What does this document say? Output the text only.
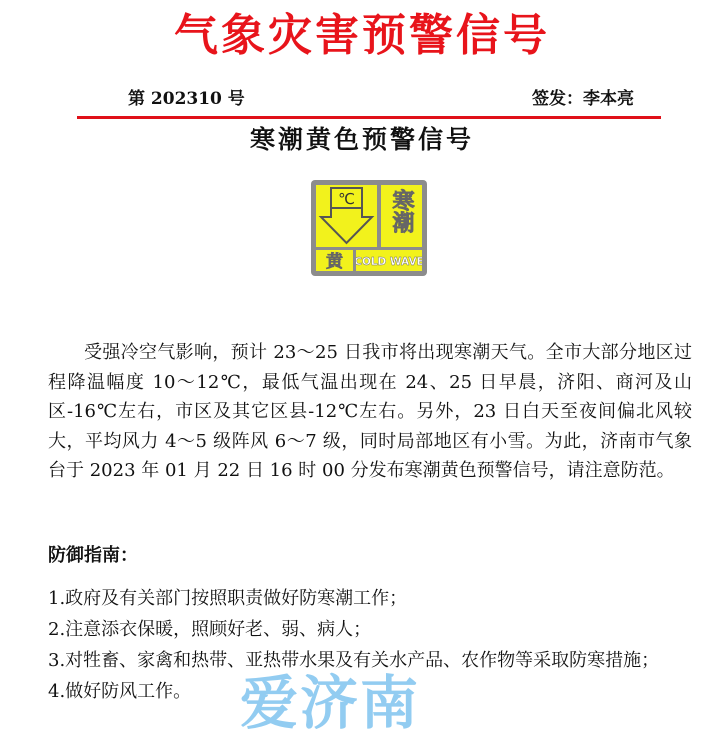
气象灾害预警信号
第 202310 号	签发：李本亮
寒潮黄色预警信号
℃ 寒潮
黄 COLD WAVE

受强冷空气影响，预计 23～25 日我市将出现寒潮天气。全市大部分地区过程降温幅度 10～12℃，最低气温出现在 24、25 日早晨，济阳、商河及山区-16℃左右，市区及其它区县-12℃左右。另外，23 日白天至夜间偏北风较大，平均风力 4～5 级阵风 6～7 级，同时局部地区有小雪。为此，济南市气象台于 2023 年 01 月 22 日 16 时 00 分发布寒潮黄色预警信号，请注意防范。

防御指南：
1.政府及有关部门按照职责做好防寒潮工作；
2.注意添衣保暖，照顾好老、弱、病人；
3.对牲畜、家禽和热带、亚热带水果及有关水产品、农作物等采取防寒措施；
4.做好防风工作。 爱济南
